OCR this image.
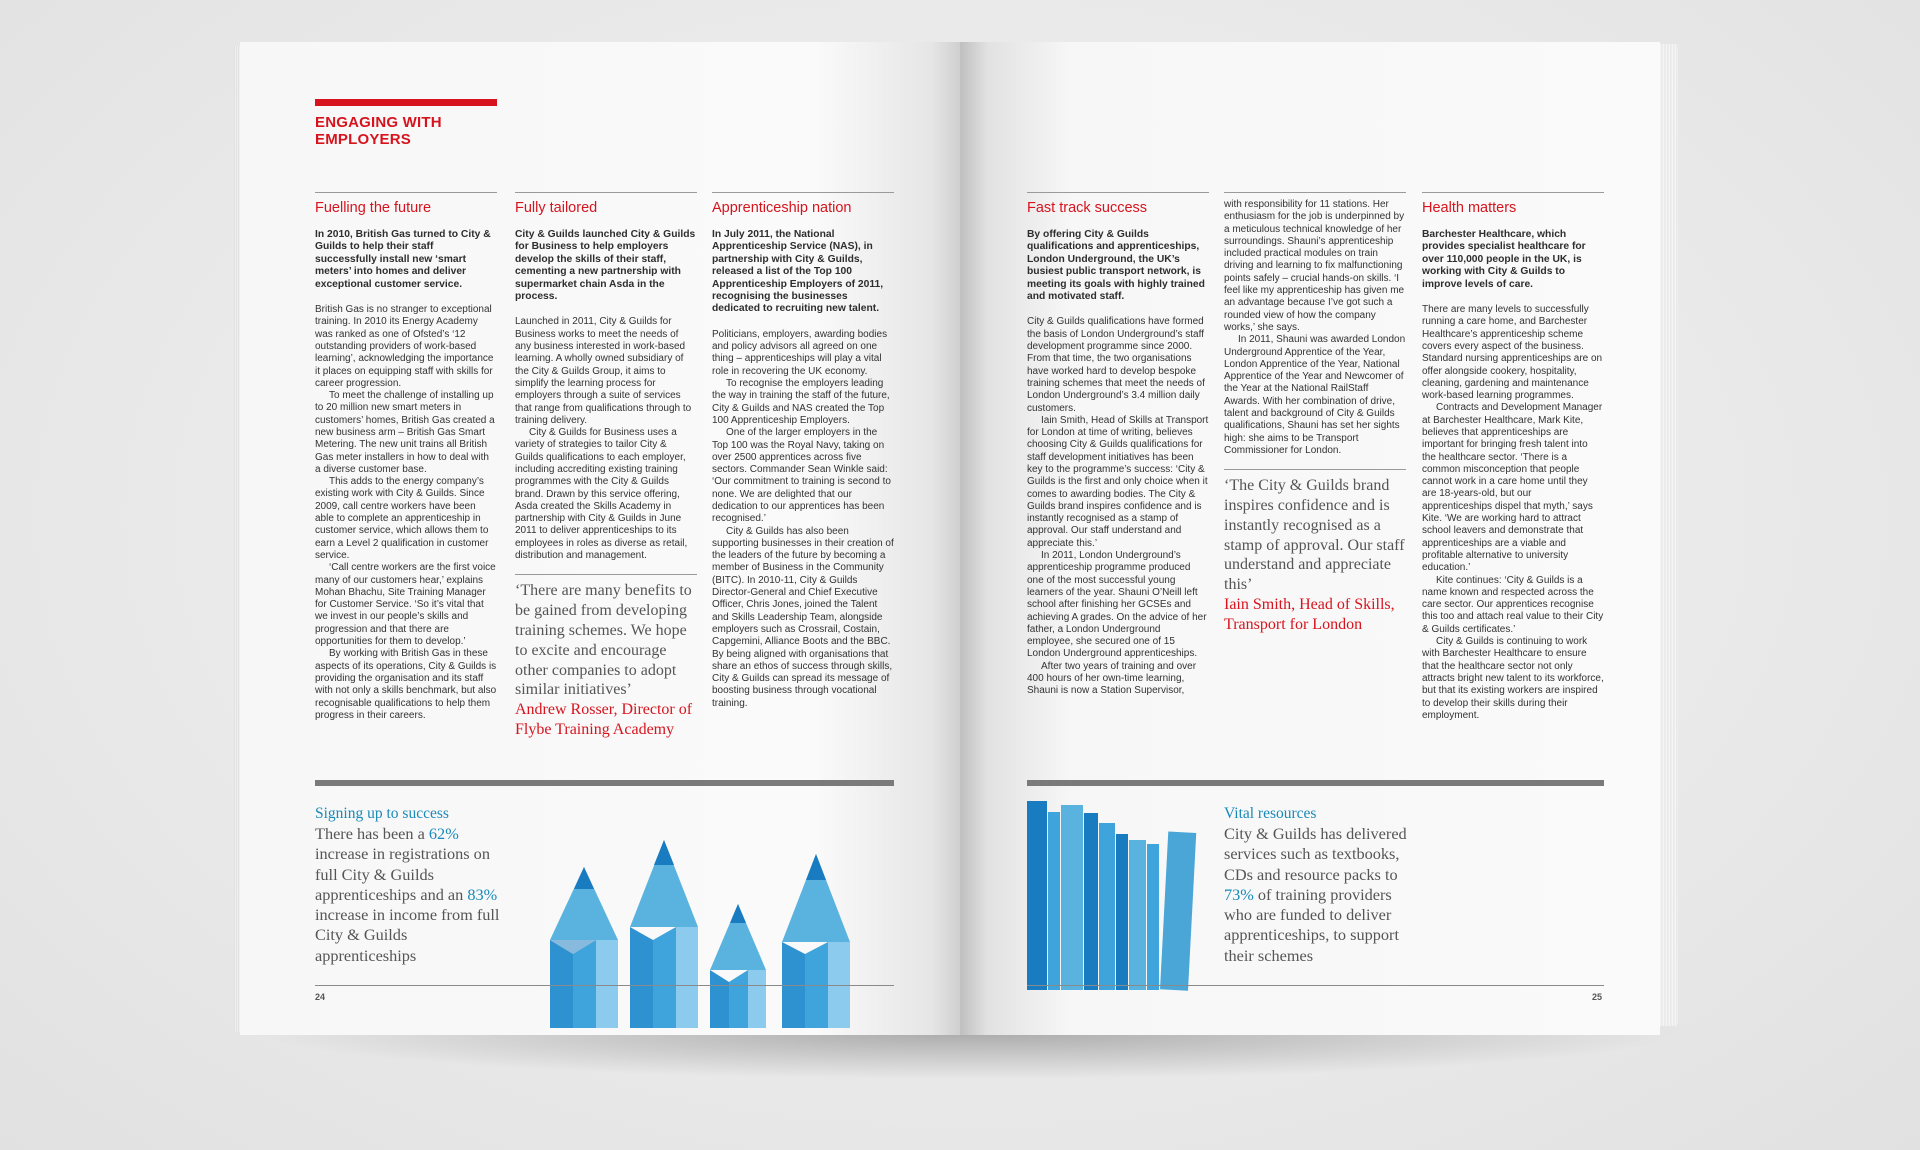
ENGAGING WITH
EMPLOYERS
Fuelling the future
In 2010, British Gas turned to City & Guilds to help their staff successfully install new ‘smart meters’ into homes and deliver exceptional customer service.

British Gas is no stranger to exceptional training. In 2010 its Energy Academy was ranked as one of Ofsted’s ‘12 outstanding providers of work-based learning’, acknowledging the importance it places on equipping staff with skills for career progression.

To meet the challenge of installing up to 20 million new smart meters in customers’ homes, British Gas created a new business arm – British Gas Smart Metering. The new unit trains all British Gas meter installers in how to deal with a diverse customer base.

This adds to the energy company’s existing work with City & Guilds. Since 2009, call centre workers have been able to complete an apprenticeship in customer service, which allows them to earn a Level 2 qualification in customer service.

‘Call centre workers are the first voice many of our customers hear,’ explains Mohan Bhachu, Site Training Manager for Customer Service. ‘So it’s vital that we invest in our people’s skills and progression and that there are opportunities for them to develop.’

By working with British Gas in these aspects of its operations, City & Guilds is providing the organisation and its staff with not only a skills benchmark, but also recognisable qualifications to help them progress in their careers.

Fully tailored
City & Guilds launched City & Guilds for Business to help employers develop the skills of their staff, cementing a new partnership with supermarket chain Asda in the process.

Launched in 2011, City & Guilds for Business works to meet the needs of any business interested in work-based learning. A wholly owned subsidiary of the City & Guilds Group, it aims to simplify the learning process for employers through a suite of services that range from qualifications through to training delivery.

City & Guilds for Business uses a variety of strategies to tailor City & Guilds qualifications to each employer, including accrediting existing training programmes with the City & Guilds brand. Drawn by this service offering, Asda created the Skills Academy in partnership with City & Guilds in June 2011 to deliver apprenticeships to its employees in roles as diverse as retail, distribution and management.

‘There are many benefits to be gained from developing training schemes. We hope to excite and encourage other companies to adopt similar initiatives’
Andrew Rosser, Director of Flybe Training Academy
Apprenticeship nation
In July 2011, the National Apprenticeship Service (NAS), in partnership with City & Guilds, released a list of the Top 100 Apprenticeship Employers of 2011, recognising the businesses dedicated to recruiting new talent.

Politicians, employers, awarding bodies and policy advisors all agreed on one thing – apprenticeships will play a vital role in recovering the UK economy.

To recognise the employers leading the way in training the staff of the future, City & Guilds and NAS created the Top 100 Apprenticeship Employers.

One of the larger employers in the Top 100 was the Royal Navy, taking on over 2500 apprentices across five sectors. Commander Sean Winkle said: ‘Our commitment to training is second to none. We are delighted that our dedication to our apprentices has been recognised.’

City & Guilds has also been supporting businesses in their creation of the leaders of the future by becoming a member of Business in the Community (BITC). In 2010-11, City & Guilds Director-General and Chief Executive Officer, Chris Jones, joined the Talent and Skills Leadership Team, alongside employers such as Crossrail, Costain, Capgemini, Alliance Boots and the BBC. By being aligned with organisations that share an ethos of success through skills, City & Guilds can spread its message of boosting business through vocational training.

Signing up to success
There has been a 62% increase in registrations on full City & Guilds apprenticeships and an 83% increase in income from full City & Guilds apprenticeships
24
Fast track success
By offering City & Guilds qualifications and apprenticeships, London Underground, the UK’s busiest public transport network, is meeting its goals with highly trained and motivated staff.

City & Guilds qualifications have formed the basis of London Underground’s staff development programme since 2000. From that time, the two organisations have worked hard to develop bespoke training schemes that meet the needs of London Underground’s 3.4 million daily customers.

Iain Smith, Head of Skills at Transport for London at time of writing, believes choosing City & Guilds qualifications for staff development initiatives has been key to the programme’s success: ‘City & Guilds is the first and only choice when it comes to awarding bodies. The City & Guilds brand inspires confidence and is instantly recognised as a stamp of approval. Our staff understand and appreciate this.’

In 2011, London Underground’s apprenticeship programme produced one of the most successful young learners of the year. Shauni O’Neill left school after finishing her GCSEs and achieving A grades. On the advice of her father, a London Underground employee, she secured one of 15 London Underground apprenticeships.

After two years of training and over 400 hours of her own-time learning, Shauni is now a Station Supervisor,

with responsibility for 11 stations. Her enthusiasm for the job is underpinned by a meticulous technical knowledge of her surroundings. Shauni’s apprenticeship included practical modules on train driving and learning to fix malfunctioning points safely – crucial hands-on skills. ‘I feel like my apprenticeship has given me an advantage because I’ve got such a rounded view of how the company works,’ she says.

In 2011, Shauni was awarded London Underground Apprentice of the Year, London Apprentice of the Year, National Apprentice of the Year and Newcomer of the Year at the National RailStaff Awards. With her combination of drive, talent and background of City & Guilds qualifications, Shauni has set her sights high: she aims to be Transport Commissioner for London.

‘The City & Guilds brand inspires confidence and is instantly recognised as a stamp of approval. Our staff understand and appreciate this’
Iain Smith, Head of Skills, Transport for London
Health matters
Barchester Healthcare, which provides specialist healthcare for over 110,000 people in the UK, is working with City & Guilds to improve levels of care.

There are many levels to successfully running a care home, and Barchester Healthcare’s apprenticeship scheme covers every aspect of the business. Standard nursing apprenticeships are on offer alongside cookery, hospitality, cleaning, gardening and maintenance work-based learning programmes.

Contracts and Development Manager at Barchester Healthcare, Mark Kite, believes that apprenticeships are important for bringing fresh talent into the healthcare sector. ‘There is a common misconception that people cannot work in a care home until they are 18-years-old, but our apprenticeships dispel that myth,’ says Kite. ‘We are working hard to attract school leavers and demonstrate that apprenticeships are a viable and profitable alternative to university education.’

Kite continues: ‘City & Guilds is a name known and respected across the care sector. Our apprentices recognise this too and attach real value to their City & Guilds certificates.’

City & Guilds is continuing to work with Barchester Healthcare to ensure that the healthcare sector not only attracts bright new talent to its workforce, but that its existing workers are inspired to develop their skills during their employment.

Vital resources
City & Guilds has delivered services such as textbooks, CDs and resource packs to 73% of training providers who are funded to deliver apprenticeships, to support their schemes
25
